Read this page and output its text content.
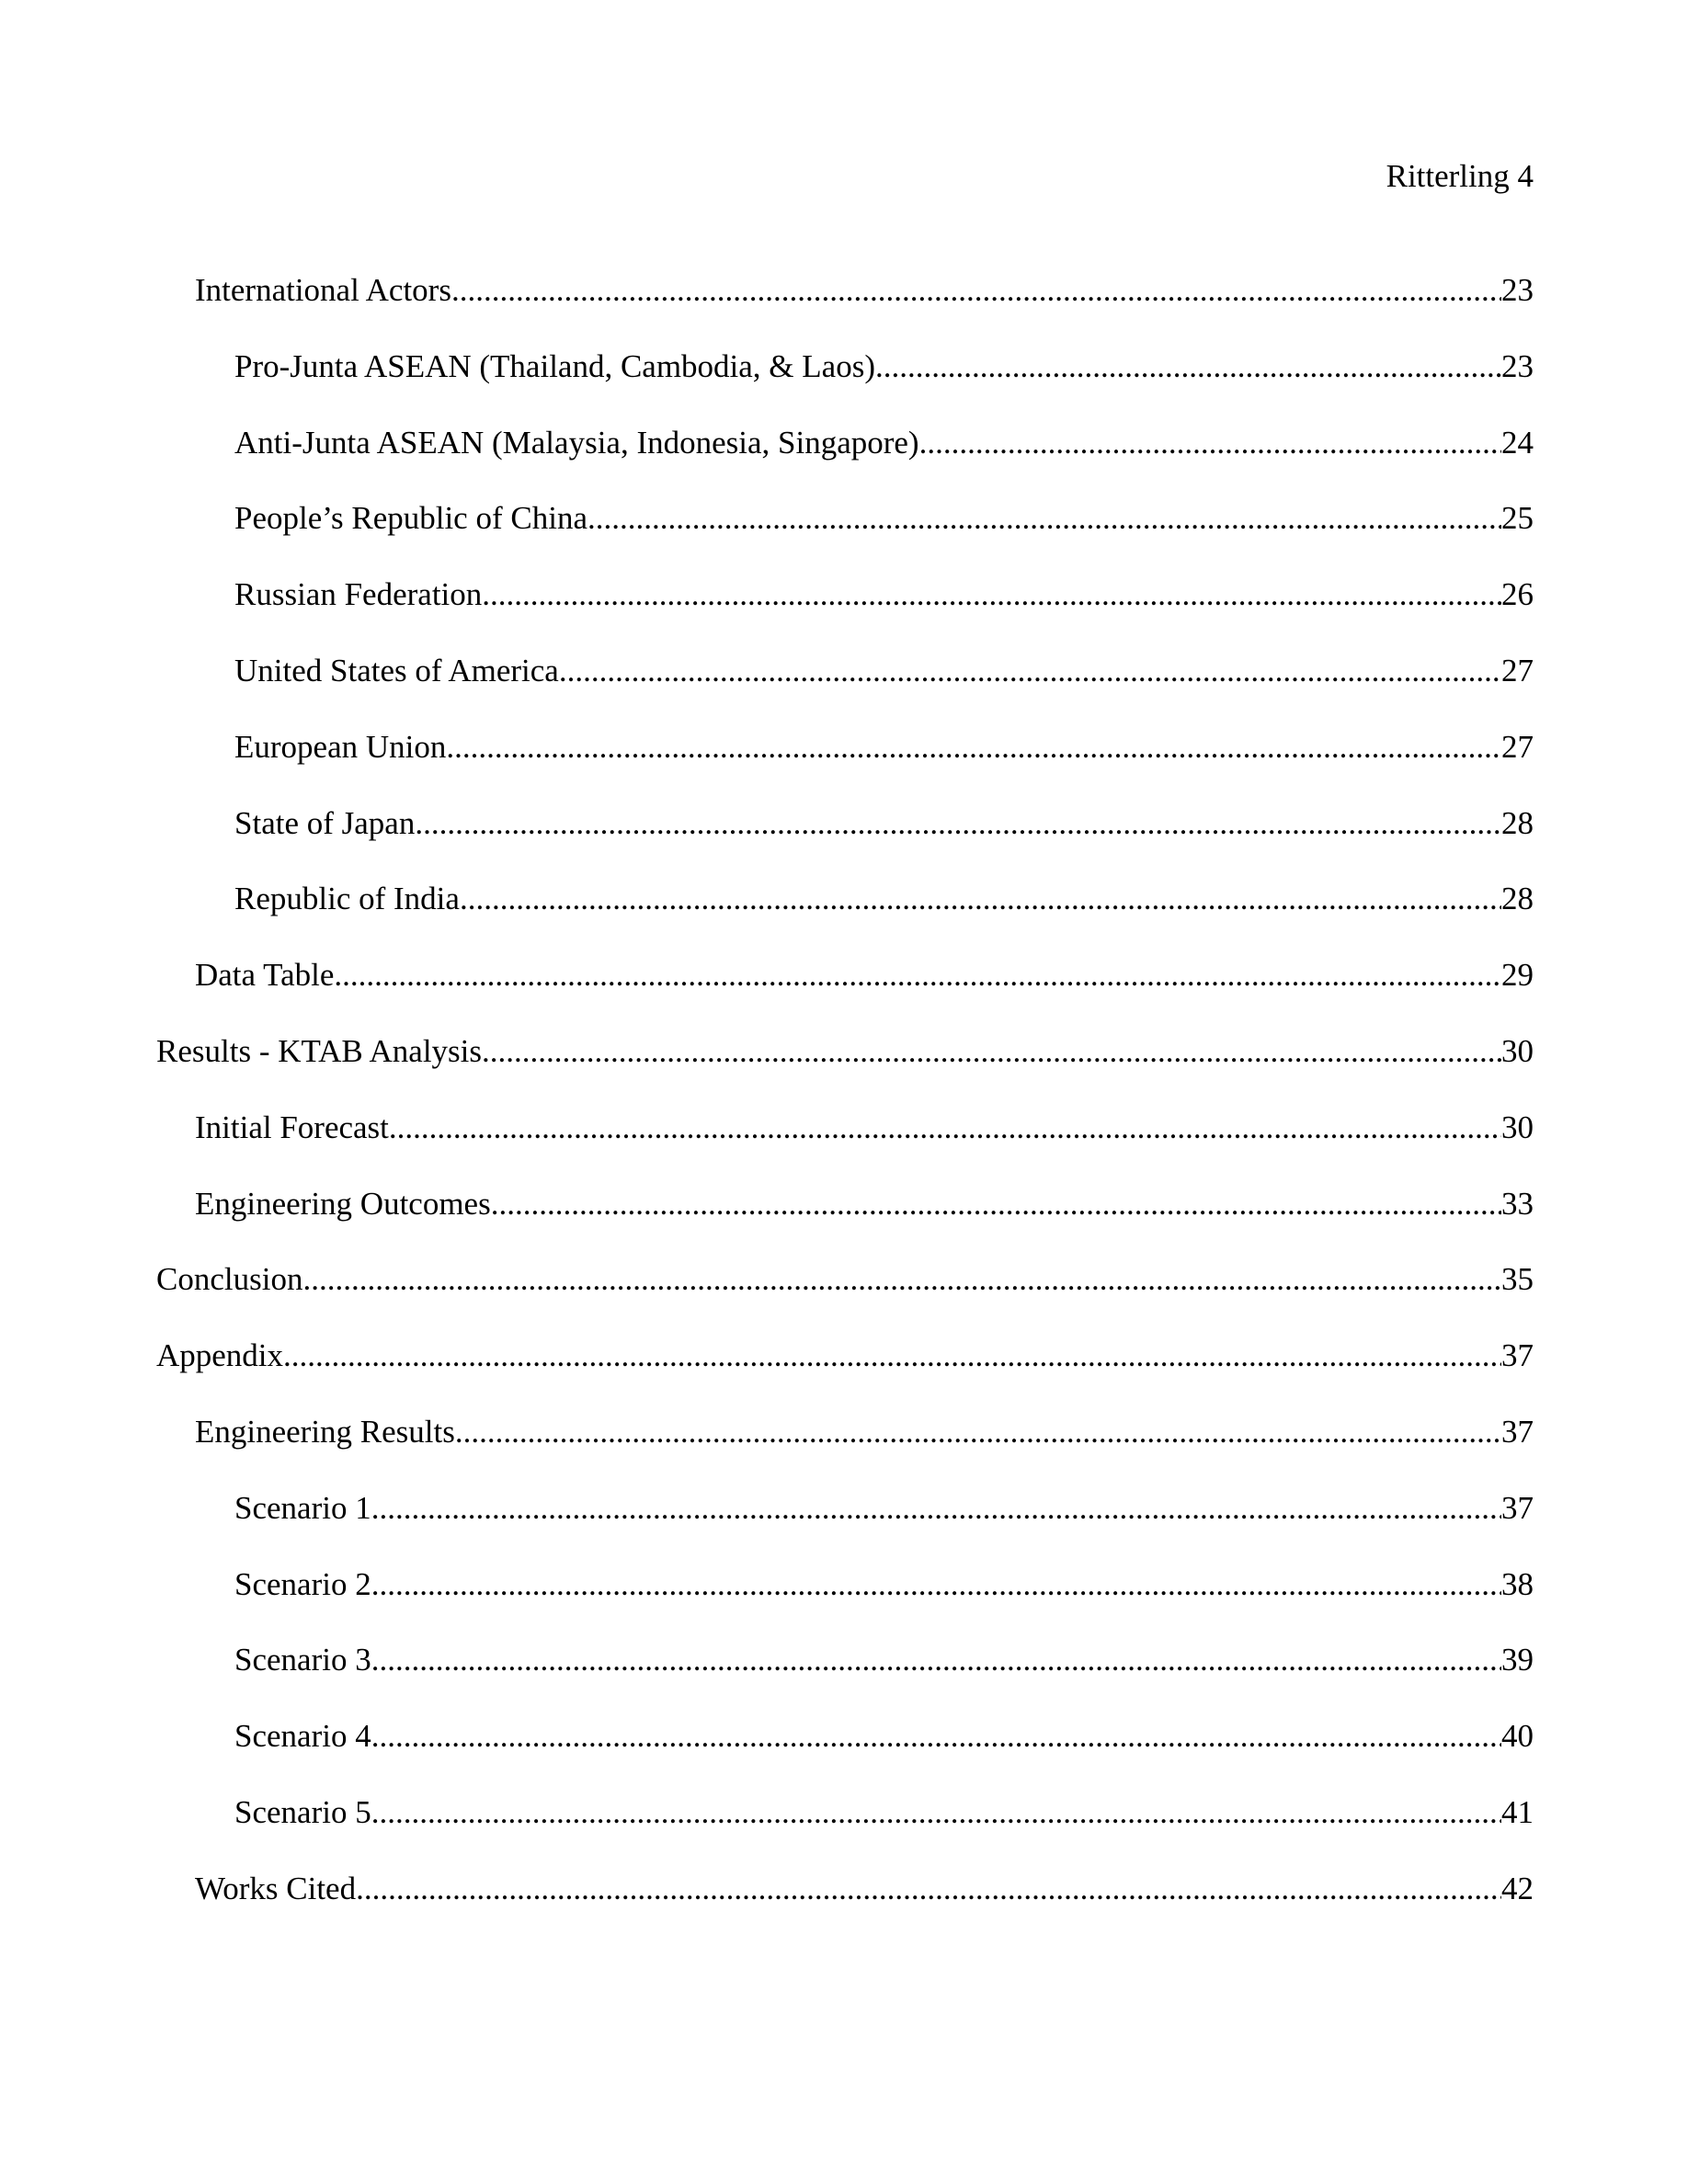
Ritterling 4
International Actors .....	23
Pro-Junta ASEAN (Thailand, Cambodia, & Laos) .....	23
Anti-Junta ASEAN (Malaysia, Indonesia, Singapore) .....	24
People’s Republic of China .....	25
Russian Federation .....	26
United States of America .....	27
European Union .....	27
State of Japan .....	28
Republic of India .....	28
Data Table .....	29
Results - KTAB Analysis .....	30
Initial Forecast .....	30
Engineering Outcomes .....	33
Conclusion .....	35
Appendix .....	37
Engineering Results .....	37
Scenario 1 .....	37
Scenario 2 .....	38
Scenario 3 .....	39
Scenario 4 .....	40
Scenario 5 .....	41
Works Cited .....	42
